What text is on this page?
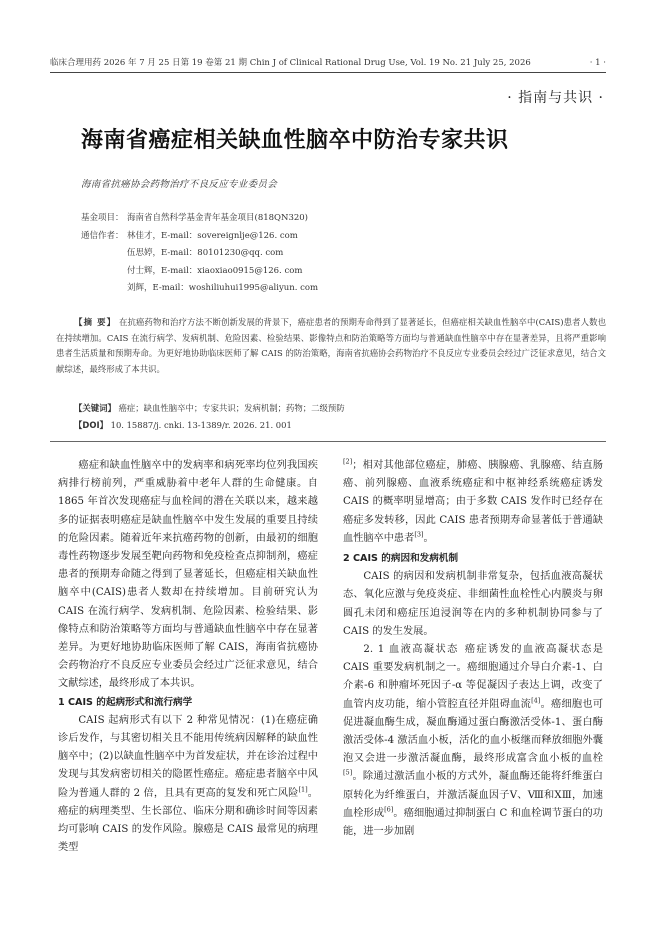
临床合理用药 2026 年 7 月 25 日第 19 卷第 21 期 Chin J of Clinical Rational Drug Use, Vol. 19 No. 21 July 25, 2026	· 1 ·
· 指南与共识 ·
海南省癌症相关缺血性脑卒中防治专家共识
海南省抗癌协会药物治疗不良反应专业委员会
基金项目： 海南省自然科学基金青年基金项目(818QN320)
通信作者： 林佳才，E-mail：sovereignlje@126. com
伍思婷，E-mail：80101230@qq. com
付士辉，E-mail：xiaoxiao0915@126. com
刘辉，E-mail：woshiliuhui1995@aliyun. com
【摘 要】 在抗癌药物和治疗方法不断创新发展的背景下，癌症患者的预期寿命得到了显著延长，但癌症相关缺血性脑卒中(CAIS)患者人数也在持续增加。CAIS 在流行病学、发病机制、危险因素、检验结果、影像特点和防治策略等方面均与普通缺血性脑卒中存在显著差异，且将严重影响患者生活质量和预期寿命。为更好地协助临床医师了解 CAIS 的防治策略，海南省抗癌协会药物治疗不良反应专业委员会经过广泛征求意见，结合文献综述，最终形成了本共识。
【关键词】 癌症；缺血性脑卒中；专家共识；发病机制；药物；二级预防
【DOI】 10. 15887/j. cnki. 13-1389/r. 2026. 21. 001

癌症和缺血性脑卒中的发病率和病死率均位列我国疾病排行榜前列，严重威胁着中老年人群的生命健康。自 1865 年首次发现癌症与血栓间的潜在关联以来，越来越多的证据表明癌症是缺血性脑卒中发生发展的重要且持续的危险因素。随着近年来抗癌药物的创新，由最初的细胞毒性药物逐步发展至靶向药物和免疫检查点抑制剂，癌症患者的预期寿命随之得到了显著延长，但癌症相关缺血性脑卒中(CAIS)患者人数却在持续增加。目前研究认为 CAIS 在流行病学、发病机制、危险因素、检验结果、影像特点和防治策略等方面均与普通缺血性脑卒中存在显著差异。为更好地协助临床医师了解 CAIS，海南省抗癌协会药物治疗不良反应专业委员会经过广泛征求意见，结合文献综述，最终形成了本共识。

1 CAIS 的起病形式和流行病学

CAIS 起病形式有以下 2 种常见情况：(1)在癌症确诊后发作，与其密切相关且不能用传统病因解释的缺血性脑卒中；(2)以缺血性脑卒中为首发症状，并在诊治过程中发现与其发病密切相关的隐匿性癌症。癌症患者脑卒中风险为普通人群的 2 倍，且具有更高的复发和死亡风险[1]。癌症的病理类型、生长部位、临床分期和确诊时间等因素均可影响 CAIS 的发作风险。腺癌是 CAIS 最常见的病理类型

[2]；相对其他部位癌症，肺癌、胰腺癌、乳腺癌、结直肠癌、前列腺癌、血液系统癌症和中枢神经系统癌症诱发 CAIS 的概率明显增高；由于多数 CAIS 发作时已经存在癌症多发转移，因此 CAIS 患者预期寿命显著低于普通缺血性脑卒中患者[3]。

2 CAIS 的病因和发病机制

CAIS 的病因和发病机制非常复杂，包括血液高凝状态、氧化应激与免疫炎症、非细菌性血栓性心内膜炎与卵圆孔未闭和癌症压迫浸润等在内的多种机制协同参与了 CAIS 的发生发展。

2. 1 血液高凝状态 癌症诱发的血液高凝状态是 CAIS 重要发病机制之一。癌细胞通过介导白介素-1、白介素-6 和肿瘤坏死因子-α 等促凝因子表达上调，改变了血管内皮功能，缩小管腔直径并阻碍血流[4]。癌细胞也可促进凝血酶生成，凝血酶通过蛋白酶激活受体-1、蛋白酶激活受体-4 激活血小板，活化的血小板继而释放细胞外囊泡又会进一步激活凝血酶，最终形成富含血小板的血栓[5]。除通过激活血小板的方式外，凝血酶还能将纤维蛋白原转化为纤维蛋白，并激活凝血因子Ⅴ、Ⅷ和ⅩⅢ，加速血栓形成[6]。癌细胞通过抑制蛋白 C 和血栓调节蛋白的功能，进一步加剧
